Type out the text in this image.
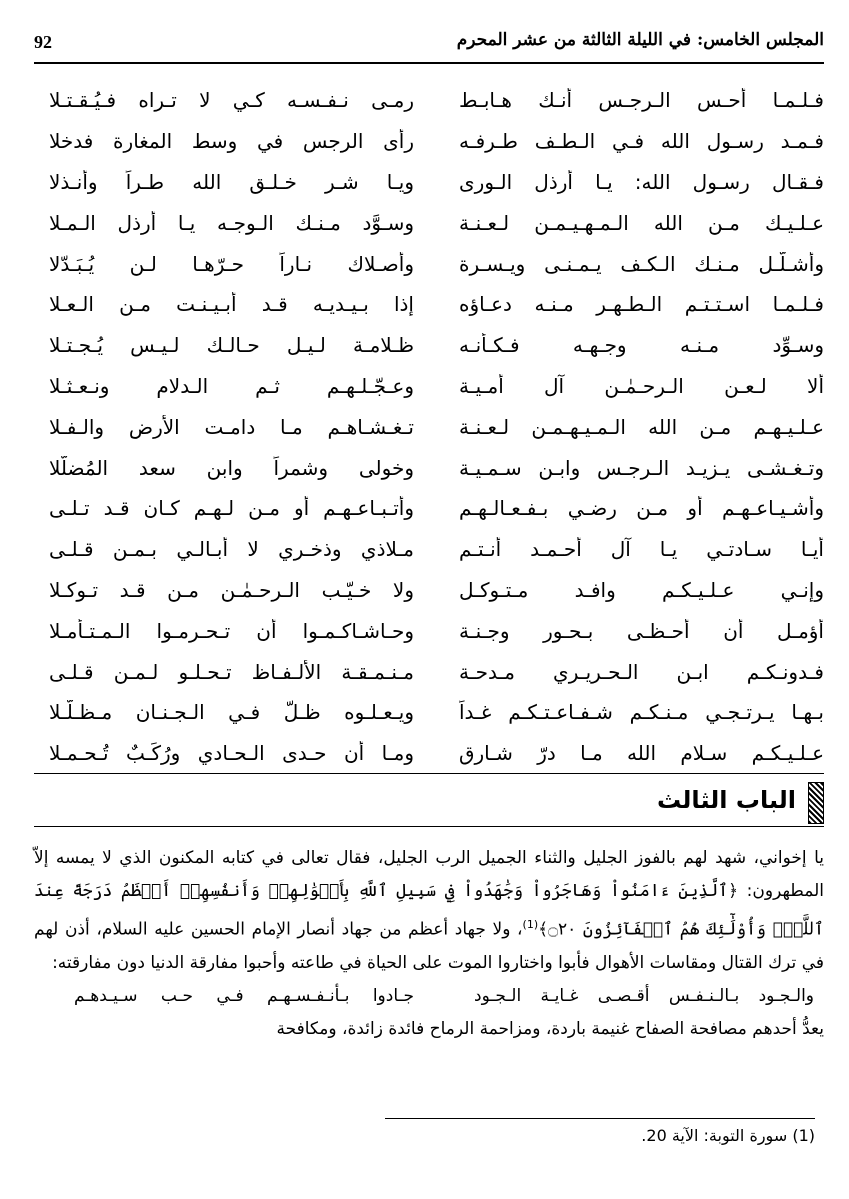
92	المجلس الخامس: في الليلة الثالثة من عشر المحرم
فـلـمـا أحـس الـرجـس أنـك هـابـط
رمـى نـفـسـه كـي لا تـراه فـيُـقـتـلا
فـمـد رسـول الله فـي الـطـف طـرفـه
رأى الرجس في وسط المغارة فدخلا
فـقـال رسـول الله: يـا أرذل الـورى
ويـا شـر خـلـق الله طـراً وأنـذلا
عـلـيـك مـن الله الـمـهـيـمـن لـعـنـة
وسـوَّد مـنـك الـوجـه يـا أرذل الـمـلا
وأشـلّـل مـنـك الـكـف يـمـنـى ويـسـرة
وأصـلاك نـاراً حـرّهـا لـن يُـبَـدّلا
فـلـمـا اسـتـتـم الـطـهـر مـنـه دعـاؤه
إذا بـيـديـه قـد أبـيـنـت مـن الـعـلا
وسـوِّد مـنـه وجـهـه فـكـأنـه
ظـلامـة لـيـل حـالـك لـيـس يُـجـتـلا
ألا لـعـن الـرحـمٰـن آل أمـيـة
وعـجّـلـهـم ثـم الـدلام ونـعـثـلا
عـلـيـهـم مـن الله الـمـيـهـمـن لـعـنـة
تـغـشـاهـم مـا دامـت الأرض والـفـلا
وتـغـشـى يـزيـد الـرجـس وابـن سـمـيـة
وخولى وشمراً وابن سعد المُضلّلا
وأشـيـاعـهـم أو مـن رضـي بـفـعـالـهـم
وأتـبـاعـهـم أو مـن لـهـم كـان قـد تـلـى
أيـا سـادتـي يـا آل أحـمـد أنـتـم
مـلاذي وذخـري لا أبـالـي بـمـن قـلـى
وإنـي عـلـيـكـم وافـد مـتـوكـل
ولا خـيّـب الـرحـمٰـن مـن قـد تـوكـلا
أؤمـل أن أحـظـى بـحـور وجـنـة
وحـاشـاكـمـوا أن تـحـرمـوا الـمـتـأمـلا
فـدونـكـم ابـن الـحـريـري مـدحـة
مـنـمـقـة الألـفـاظ تـحـلـو لـمـن قـلـى
بـهـا يـرتـجـي مـنـكـم شـفـاعـتـكـم غـداً
ويـعـلـوه ظـلّ فـي الـجـنـان مـظـلّـلا
عـلـيـكـم سـلام الله مـا درّ شـارق
ومـا أن حـدى الـحـادي ورُكَـبٌ تُـحـمـلا
الباب الثالث

يا إخواني، شهد لهم بالفوز الجليل والثناء الجميل الرب الجليل، فقال تعالى في كتابه المكنون الذي لا يمسه إلاّ المطهرون: ﴿ٱلَّذِينَ ءَامَنُواْ وَهَاجَرُواْ وَجَٰهَدُواْ فِي سَبِيلِ ٱللَّهِ بِأَمۡوَٰلِهِمۡ وَأَنفُسِهِمۡ أَعۡظَمُ دَرَجَةً عِندَ ٱللَّهِۚ وَأُوْلَٰٓئِكَ هُمُ ٱلۡفَآئِزُونَ ۝٢٠﴾$^{(1)}$، ولا جهاد أعظم من جهاد أنصار الإمام الحسين عليه السلام، أذن لهم في ترك القتال ومقاسات الأهوال فأبوا واختاروا الموت على الحياة في طاعته وأحبوا مفارقة الدنيا دون مفارقته:

جـادوا بـأنـفـسـهـم فـي حـب سـيـدهـم	والـجـود بـالـنـفـس أقـصـى غـايـة الـجـود

يعدُّ أحدهم مصافحة الصفاح غنيمة باردة، ومزاحمة الرماح فائدة زائدة، ومكافحة

(1) سورة التوبة: الآية 20.
